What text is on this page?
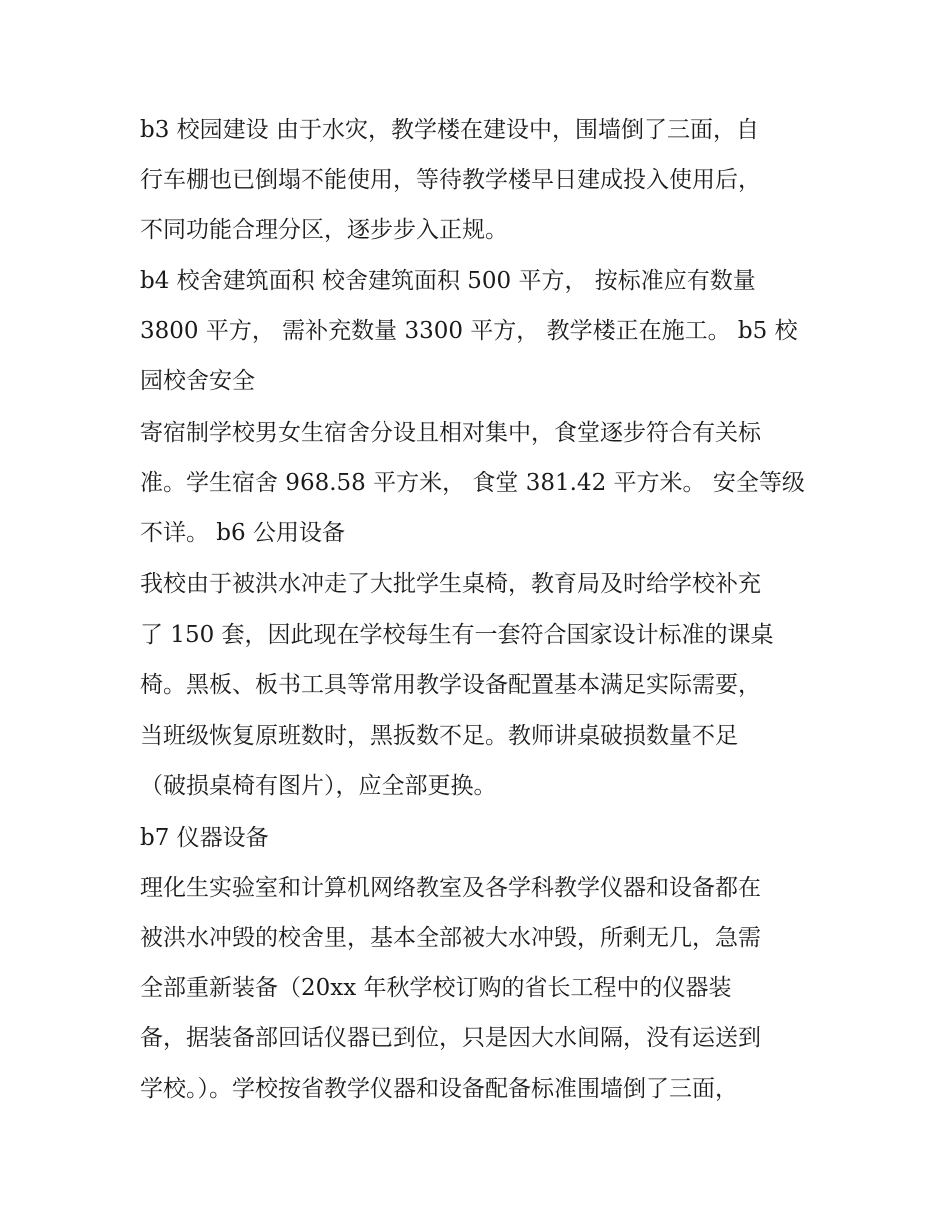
b3 校园建设 由于水灾，教学楼在建设中，围墙倒了三面，自
行车棚也已倒塌不能使用，等待教学楼早日建成投入使用后，
不同功能合理分区，逐步步入正规。
b4 校舍建筑面积 校舍建筑面积 500 平方， 按标准应有数量
3800 平方， 需补充数量 3300 平方， 教学楼正在施工。 b5 校
园校舍安全
寄宿制学校男女生宿舍分设且相对集中，食堂逐步符合有关标
准。学生宿舍 968.58 平方米， 食堂 381.42 平方米。 安全等级
不详。 b6 公用设备
我校由于被洪水冲走了大批学生桌椅，教育局及时给学校补充
了 150 套，因此现在学校每生有一套符合国家设计标准的课桌
椅。黑板、板书工具等常用教学设备配置基本满足实际需要，
当班级恢复原班数时，黑扳数不足。教师讲桌破损数量不足
（破损桌椅有图片），应全部更换。
b7 仪器设备
理化生实验室和计算机网络教室及各学科教学仪器和设备都在
被洪水冲毁的校舍里，基本全部被大水冲毁，所剩无几，急需
全部重新装备（20xx 年秋学校订购的省长工程中的仪器装
备，据装备部回话仪器已到位，只是因大水间隔，没有运送到
学校。）。学校按省教学仪器和设备配备标准围墙倒了三面，
